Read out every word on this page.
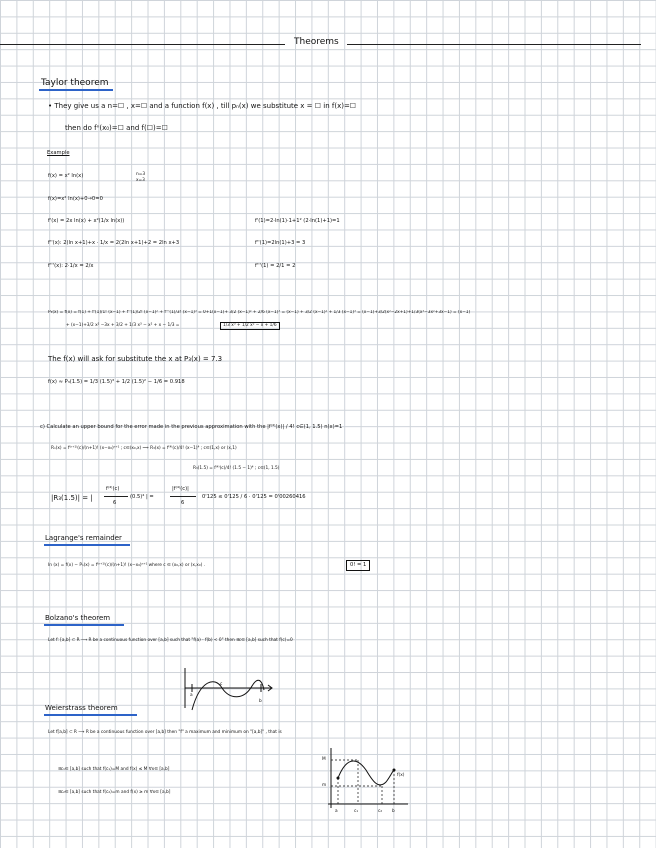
Theorems
Taylor theorem
• They give us a n=☐ , x=☐ and a function f(x) , till pₙ(x) we substitute x = ☐ in f(x)=☐
then do fⁿ(x₀)=☐ and f(☐)=☐
Example
f(x) = x² ln(x)	n=3
x=3
f(x)=x² ln(x)+0→0=0
f'(x) = 2x ln(x) + x²(1/x ln(x))	f'(1)=2·ln(1)·1+1² (2·ln(1)+1)=1
f''(x): 2(ln x+1)+x · 1/x = 2(2ln x+1)+2 = 2ln x+3	f''(1)=2ln(1)+3 = 3
f'''(x): 2·1/x = 2/x	f'''(1) = 2/1 = 2
P₃(x) = f(x) = f(1) + f'(1)/1! (x−1) + f''(1)/2! (x−1)² + f'''(1)/3! (x−1)³ = 0+1(x−1)+ 3/2 (x−1)² + 2/6 (x−1)³ = (x−1) + 3/2 (x−1)² + 1/3 (x−1)³ = (x−1)+3/2(x²−2x+1)+1/3(x³−3x²+3x−1) = (x−1)
+ (x−1)+3/2 x² −3x + 3/2 + 1/3 x³ − x² + x − 1/3 =	1/3 x³ + 1/2 x² − x + 1/6
The f(x) will ask for substitute the x at P₃(x) = 7.3
f(x) ≈ P₃(1.5) = 1/3 (1.5)³ + 1/2 (1.5)² − 1/6 = 0.918
c) Calculate an upper bound for the error made in the previous approximation with the |f⁽⁴⁾(x)| / 4! c∈(1, 1.5) n(x)=1
Rₙ(x) = f⁽ⁿ⁺¹⁾(c)/(n+1)! (x−x₀)ⁿ⁺¹ ; c∈(x₀,x) ⟹ R₃(x) = f⁽⁴⁾(c)/4! (x−1)⁴ ; c∈(1,x) or (x,1)
R₃(1.5) = f⁽⁴⁾(c)/4! (1.5 − 1)⁴ ; c∈(1, 1.5)
|R₃(1.5)| = |
f⁽⁴⁾(c)
6
(0.5)⁴ | =
|f⁽⁴⁾(c)|
6
0'125 ≤ 0'125 / 6 · 0'125 = 0'00260416
Lagrange's remainder
In (x) = f(x) − Pₙ(x) = f⁽ⁿ⁺¹⁾(c)/(n+1)! (x−x₀)ⁿ⁺¹ where c ∈ (x₀,x) or (x,x₀) .	0! = 1
Bolzano's theorem
Let f: [a,b] ⊂ R ⟶ R be a continuous function over [a,b] such that "f(a) · f(b) < 0" then ∃c∈ [a,b] such that f(c)=0
a
c
b
Weierstrass theorem
Let f[a,b] ⊂ R ⟶ R be a continuous function over [a,b] then "f" a maximum and minimum on "[a,b]" , that is
∃c₁∈ [a,b] such that f(c₁)=M and f(x) ≤ M ∀x∈ [a,b]
∃c₂∈ [a,b] such that f(c₂)=m and f(x) ≥ m ∀x∈ [a,b]
M
m
f(x)
a	c₁	c₂ b
